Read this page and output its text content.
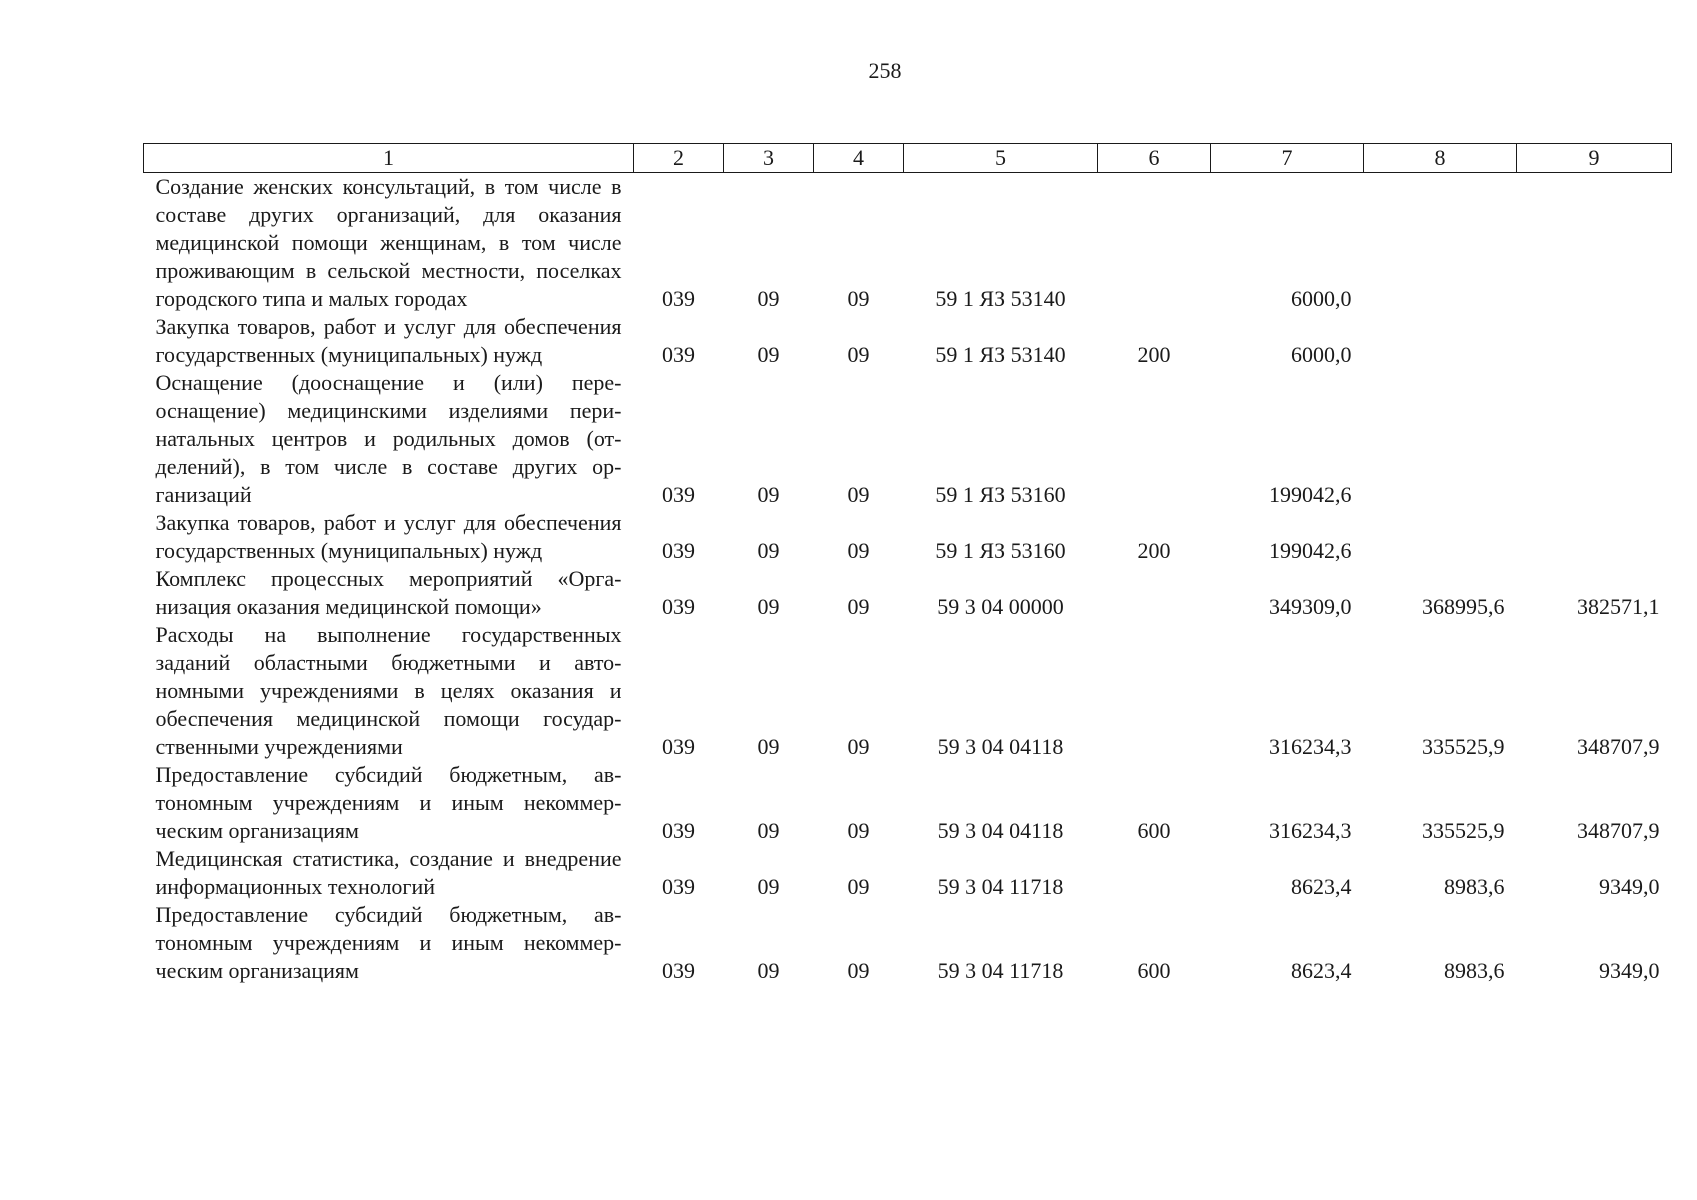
258
1	2	3	4	5	6	7	8	9
Создание женских консультаций, в том числе в составе других организаций, для оказания медицинской помощи женщинам, в том числе проживающим в сельской местности, поселках городского типа и малых городах	039	09	09	59 1 ЯЗ 53140		6000,0		
Закупка товаров, работ и услуг для обеспечения государственных (муниципальных) нужд	039	09	09	59 1 ЯЗ 53140	200	6000,0		
Оснащение (дооснащение и (или) переоснащение) медицинскими изделиями перинатальных центров и родильных домов (отделений), в том числе в составе других организаций	039	09	09	59 1 ЯЗ 53160		199042,6		
Закупка товаров, работ и услуг для обеспечения государственных (муниципальных) нужд	039	09	09	59 1 ЯЗ 53160	200	199042,6		
Комплекс процессных мероприятий «Организация оказания медицинской помощи»	039	09	09	59 3 04 00000		349309,0	368995,6	382571,1
Расходы на выполнение государственных заданий областными бюджетными и автономными учреждениями в целях оказания и обеспечения медицинской помощи государственными учреждениями	039	09	09	59 3 04 04118		316234,3	335525,9	348707,9
Предоставление субсидий бюджетным, автономным учреждениям и иным некоммерческим организациям	039	09	09	59 3 04 04118	600	316234,3	335525,9	348707,9
Медицинская статистика, создание и внедрение информационных технологий	039	09	09	59 3 04 11718		8623,4	8983,6	9349,0
Предоставление субсидий бюджетным, автономным учреждениям и иным некоммерческим организациям	039	09	09	59 3 04 11718	600	8623,4	8983,6	9349,0
